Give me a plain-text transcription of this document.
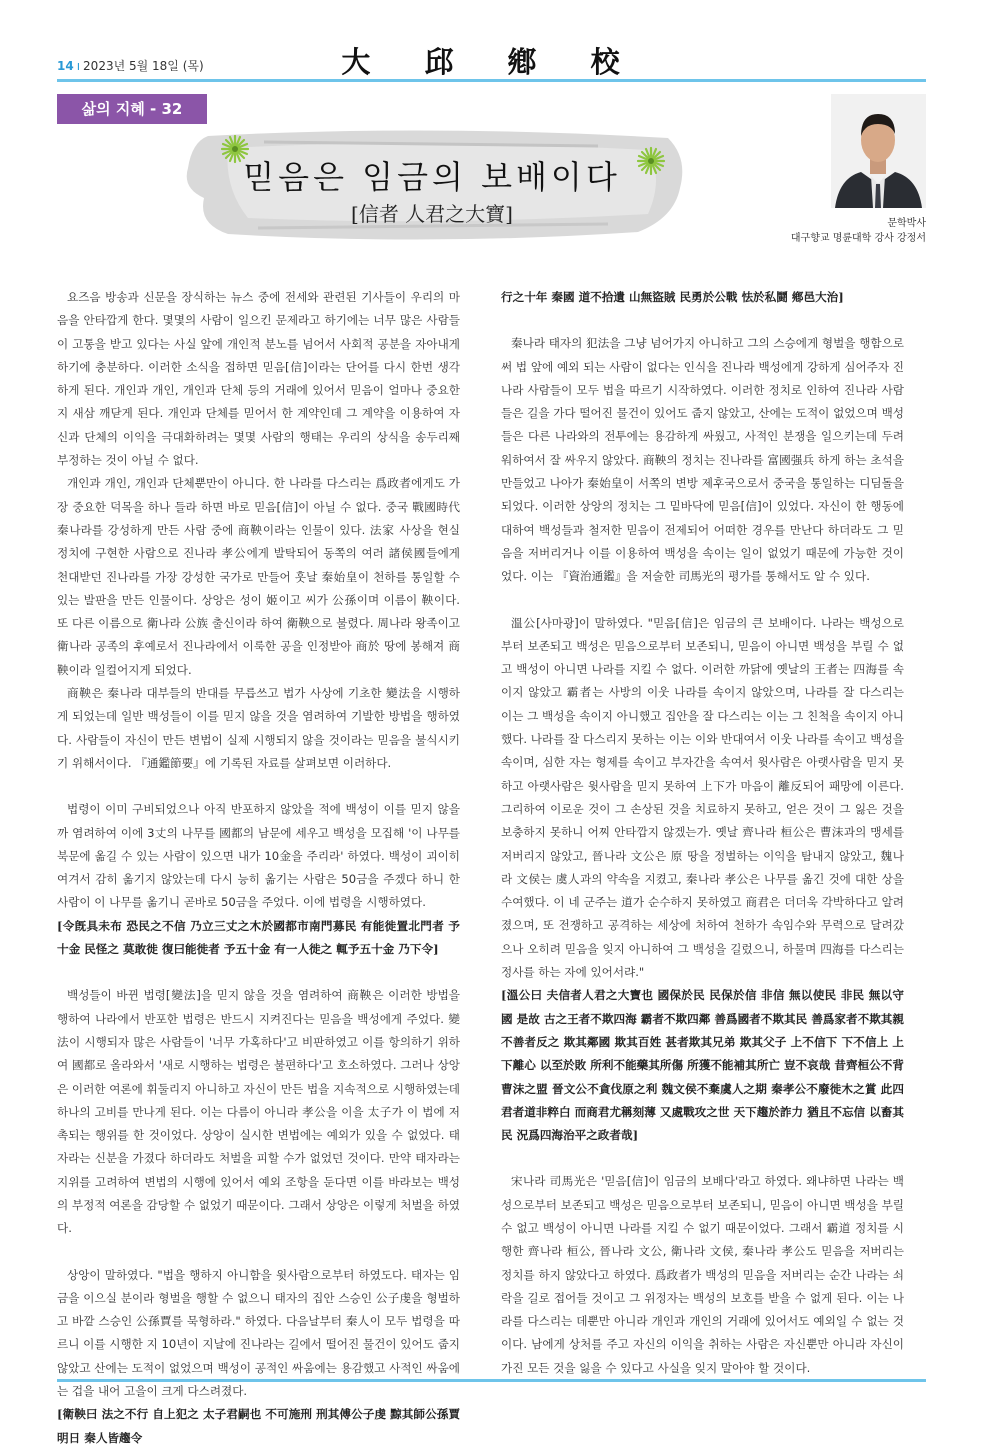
14 ı 2023년 5월 18일 (목)	大 邱 鄕 校
삶의 지혜 - 32
믿음은 임금의 보배이다
[信者 人君之大寶]	문학박사
대구향교 명륜대학 강사 강정서

요즈음 방송과 신문을 장식하는 뉴스 중에 전세와 관련된 기사들이 우리의 마음을 안타깝게 한다. 몇몇의 사람이 일으킨 문제라고 하기에는 너무 많은 사람들이 고통을 받고 있다는 사실 앞에 개인적 분노를 넘어서 사회적 공분을 자아내게 하기에 충분하다. 이러한 소식을 접하면 믿음[信]이라는 단어를 다시 한번 생각하게 된다. 개인과 개인, 개인과 단체 등의 거래에 있어서 믿음이 얼마나 중요한지 새삼 깨닫게 된다. 개인과 단체를 믿어서 한 계약인데 그 계약을 이용하여 자신과 단체의 이익을 극대화하려는 몇몇 사람의 행태는 우리의 상식을 송두리째 부정하는 것이 아닐 수 없다.

개인과 개인, 개인과 단체뿐만이 아니다. 한 나라를 다스리는 爲政者에게도 가장 중요한 덕목을 하나 들라 하면 바로 믿음[信]이 아닐 수 없다. 중국 戰國時代 秦나라를 강성하게 만든 사람 중에 商鞅이라는 인물이 있다. 法家 사상을 현실 정치에 구현한 사람으로 진나라 孝公에게 발탁되어 동쪽의 여러 諸侯國들에게 천대받던 진나라를 가장 강성한 국가로 만들어 훗날 秦始皇이 천하를 통일할 수 있는 발판을 만든 인물이다. 상앙은 성이 姬이고 씨가 公孫이며 이름이 鞅이다. 또 다른 이름으로 衛나라 公族 출신이라 하여 衛鞅으로 불렸다. 周나라 왕족이고 衛나라 공족의 후예로서 진나라에서 이룩한 공을 인정받아 商於 땅에 봉해져 商鞅이라 일컬어지게 되었다.

商鞅은 秦나라 대부들의 반대를 무릅쓰고 법가 사상에 기초한 變法을 시행하게 되었는데 일반 백성들이 이를 믿지 않을 것을 염려하여 기발한 방법을 행하였다. 사람들이 자신이 만든 변법이 실제 시행되지 않을 것이라는 믿음을 불식시키기 위해서이다. 『通鑑節要』에 기록된 자료를 살펴보면 이러하다.

법령이 이미 구비되었으나 아직 반포하지 않았을 적에 백성이 이를 믿지 않을까 염려하여 이에 3丈의 나무를 國都의 남문에 세우고 백성을 모집해 '이 나무를 북문에 옮길 수 있는 사람이 있으면 내가 10金을 주리라' 하였다. 백성이 괴이히 여겨서 감히 옮기지 않았는데 다시 능히 옮기는 사람은 50금을 주겠다 하니 한 사람이 이 나무를 옮기니 곧바로 50금을 주었다. 이에 법령을 시행하였다.

[令旣具未布 恐民之不信 乃立三丈之木於國都市南門募民 有能徙置北門者 予十金 民怪之 莫敢徙 復曰能徙者 予五十金 有一人徙之 輒予五十金 乃下令]

백성들이 바뀐 법령[變法]을 믿지 않을 것을 염려하여 商鞅은 이러한 방법을 행하여 나라에서 반포한 법령은 반드시 지켜진다는 믿음을 백성에게 주었다. 變法이 시행되자 많은 사람들이 '너무 가혹하다'고 비판하였고 이를 항의하기 위하여 國都로 올라와서 '새로 시행하는 법령은 불편하다'고 호소하였다. 그러나 상앙은 이러한 여론에 휘둘리지 아니하고 자신이 만든 법을 지속적으로 시행하였는데 하나의 고비를 만나게 된다. 이는 다름이 아니라 孝公을 이을 太子가 이 법에 저촉되는 행위를 한 것이었다. 상앙이 실시한 변법에는 예외가 있을 수 없었다. 태자라는 신분을 가졌다 하더라도 처벌을 피할 수가 없었던 것이다. 만약 태자라는 지위를 고려하여 변법의 시행에 있어서 예외 조항을 둔다면 이를 바라보는 백성의 부정적 여론을 감당할 수 없었기 때문이다. 그래서 상앙은 이렇게 처벌을 하였다.

상앙이 말하였다. "법을 행하지 아니함을 윗사람으로부터 하였도다. 태자는 임금을 이으실 분이라 형벌을 행할 수 없으니 태자의 집안 스승인 公子虔을 형벌하고 바깥 스승인 公孫賈를 묵형하라." 하였다. 다음날부터 秦人이 모두 법령을 따르니 이를 시행한 지 10년이 지날에 진나라는 길에서 떨어진 물건이 있어도 줍지 않았고 산에는 도적이 없었으며 백성이 공적인 싸움에는 용감했고 사적인 싸움에는 겁을 내어 고을이 크게 다스려졌다.

[衛鞅曰 法之不行 自上犯之 太子君嗣也 不可施刑 刑其傅公子虔 黥其師公孫賈 明日 秦人皆趨令

行之十年 秦國 道不拾遺 山無盜賊 民勇於公戰 怯於私鬪 鄕邑大治]

秦나라 태자의 犯法을 그냥 넘어가지 아니하고 그의 스승에게 형벌을 행함으로써 법 앞에 예외 되는 사람이 없다는 인식을 진나라 백성에게 강하게 심어주자 진나라 사람들이 모두 법을 따르기 시작하였다. 이러한 정치로 인하여 진나라 사람들은 길을 가다 떨어진 물건이 있어도 줍지 않았고, 산에는 도적이 없었으며 백성들은 다른 나라와의 전투에는 용감하게 싸웠고, 사적인 분쟁을 일으키는데 두려워하여서 잘 싸우지 않았다. 商鞅의 정치는 진나라를 富國强兵 하게 하는 초석을 만들었고 나아가 秦始皇이 서쪽의 변방 제후국으로서 중국을 통일하는 디딤돌을 되었다. 이러한 상앙의 정치는 그 밑바닥에 믿음[信]이 있었다. 자신이 한 행동에 대하여 백성들과 철저한 믿음이 전제되어 어떠한 경우를 만난다 하더라도 그 믿음을 저버리거나 이를 이용하여 백성을 속이는 일이 없었기 때문에 가능한 것이었다. 이는 『資治通鑑』을 저술한 司馬光의 평가를 통해서도 알 수 있다.

溫公[사마광]이 말하였다. "믿음[信]은 임금의 큰 보배이다. 나라는 백성으로부터 보존되고 백성은 믿음으로부터 보존되니, 믿음이 아니면 백성을 부릴 수 없고 백성이 아니면 나라를 지킬 수 없다. 이러한 까닭에 옛날의 王者는 四海를 속이지 않았고 霸者는 사방의 이웃 나라를 속이지 않았으며, 나라를 잘 다스리는 이는 그 백성을 속이지 아니했고 집안을 잘 다스리는 이는 그 친척을 속이지 아니했다. 나라를 잘 다스리지 못하는 이는 이와 반대여서 이웃 나라를 속이고 백성을 속이며, 심한 자는 형제를 속이고 부자간을 속여서 윗사람은 아랫사람을 믿지 못하고 아랫사람은 윗사람을 믿지 못하여 上下가 마음이 離反되어 패망에 이른다. 그리하여 이로운 것이 그 손상된 것을 치료하지 못하고, 얻은 것이 그 잃은 것을 보충하지 못하니 어찌 안타깝지 않겠는가. 옛날 齊나라 桓公은 曹沫과의 맹세를 저버리지 않았고, 晉나라 文公은 原 땅을 정벌하는 이익을 탐내지 않았고, 魏나라 文侯는 虞人과의 약속을 지켰고, 秦나라 孝公은 나무를 옮긴 것에 대한 상을 수여했다. 이 네 군주는 道가 순수하지 못하였고 商君은 더더욱 각박하다고 알려졌으며, 또 전쟁하고 공격하는 세상에 처하여 천하가 속임수와 무력으로 달려갔으나 오히려 믿음을 잊지 아니하여 그 백성을 길렀으니, 하물며 四海를 다스리는 정사를 하는 자에 있어서랴."

[溫公曰 夫信者人君之大寶也 國保於民 民保於信 非信 無以使民 非民 無以守國 是故 古之王者不欺四海 霸者不欺四鄰 善爲國者不欺其民 善爲家者不欺其親 不善者反之 欺其鄰國 欺其百姓 甚者欺其兄弟 欺其父子 上不信下 下不信上 上下離心 以至於敗 所利不能藥其所傷 所獲不能補其所亡 豈不哀哉 昔齊桓公不背曹沫之盟 晉文公不貪伐原之利 魏文侯不棄虞人之期 秦孝公不廢徙木之賞 此四君者道非粹白 而商君尤稱刻薄 又處戰攻之世 天下趨於詐力 猶且不忘信 以畜其民 況爲四海治平之政者哉]

宋나라 司馬光은 '믿음[信]이 임금의 보배다'라고 하였다. 왜냐하면 나라는 백성으로부터 보존되고 백성은 믿음으로부터 보존되니, 믿음이 아니면 백성을 부릴 수 없고 백성이 아니면 나라를 지킬 수 없기 때문이었다. 그래서 霸道 정치를 시행한 齊나라 桓公, 晉나라 文公, 衛나라 文侯, 秦나라 孝公도 믿음을 저버리는 정치를 하지 않았다고 하였다. 爲政者가 백성의 믿음을 저버리는 순간 나라는 쇠락을 길로 접어들 것이고 그 위정자는 백성의 보호를 받을 수 없게 된다. 이는 나라를 다스리는 데뿐만 아니라 개인과 개인의 거래에 있어서도 예외일 수 없는 것이다. 남에게 상처를 주고 자신의 이익을 취하는 사람은 자신뿐만 아니라 자신이 가진 모든 것을 잃을 수 있다고 사실을 잊지 말아야 할 것이다.
